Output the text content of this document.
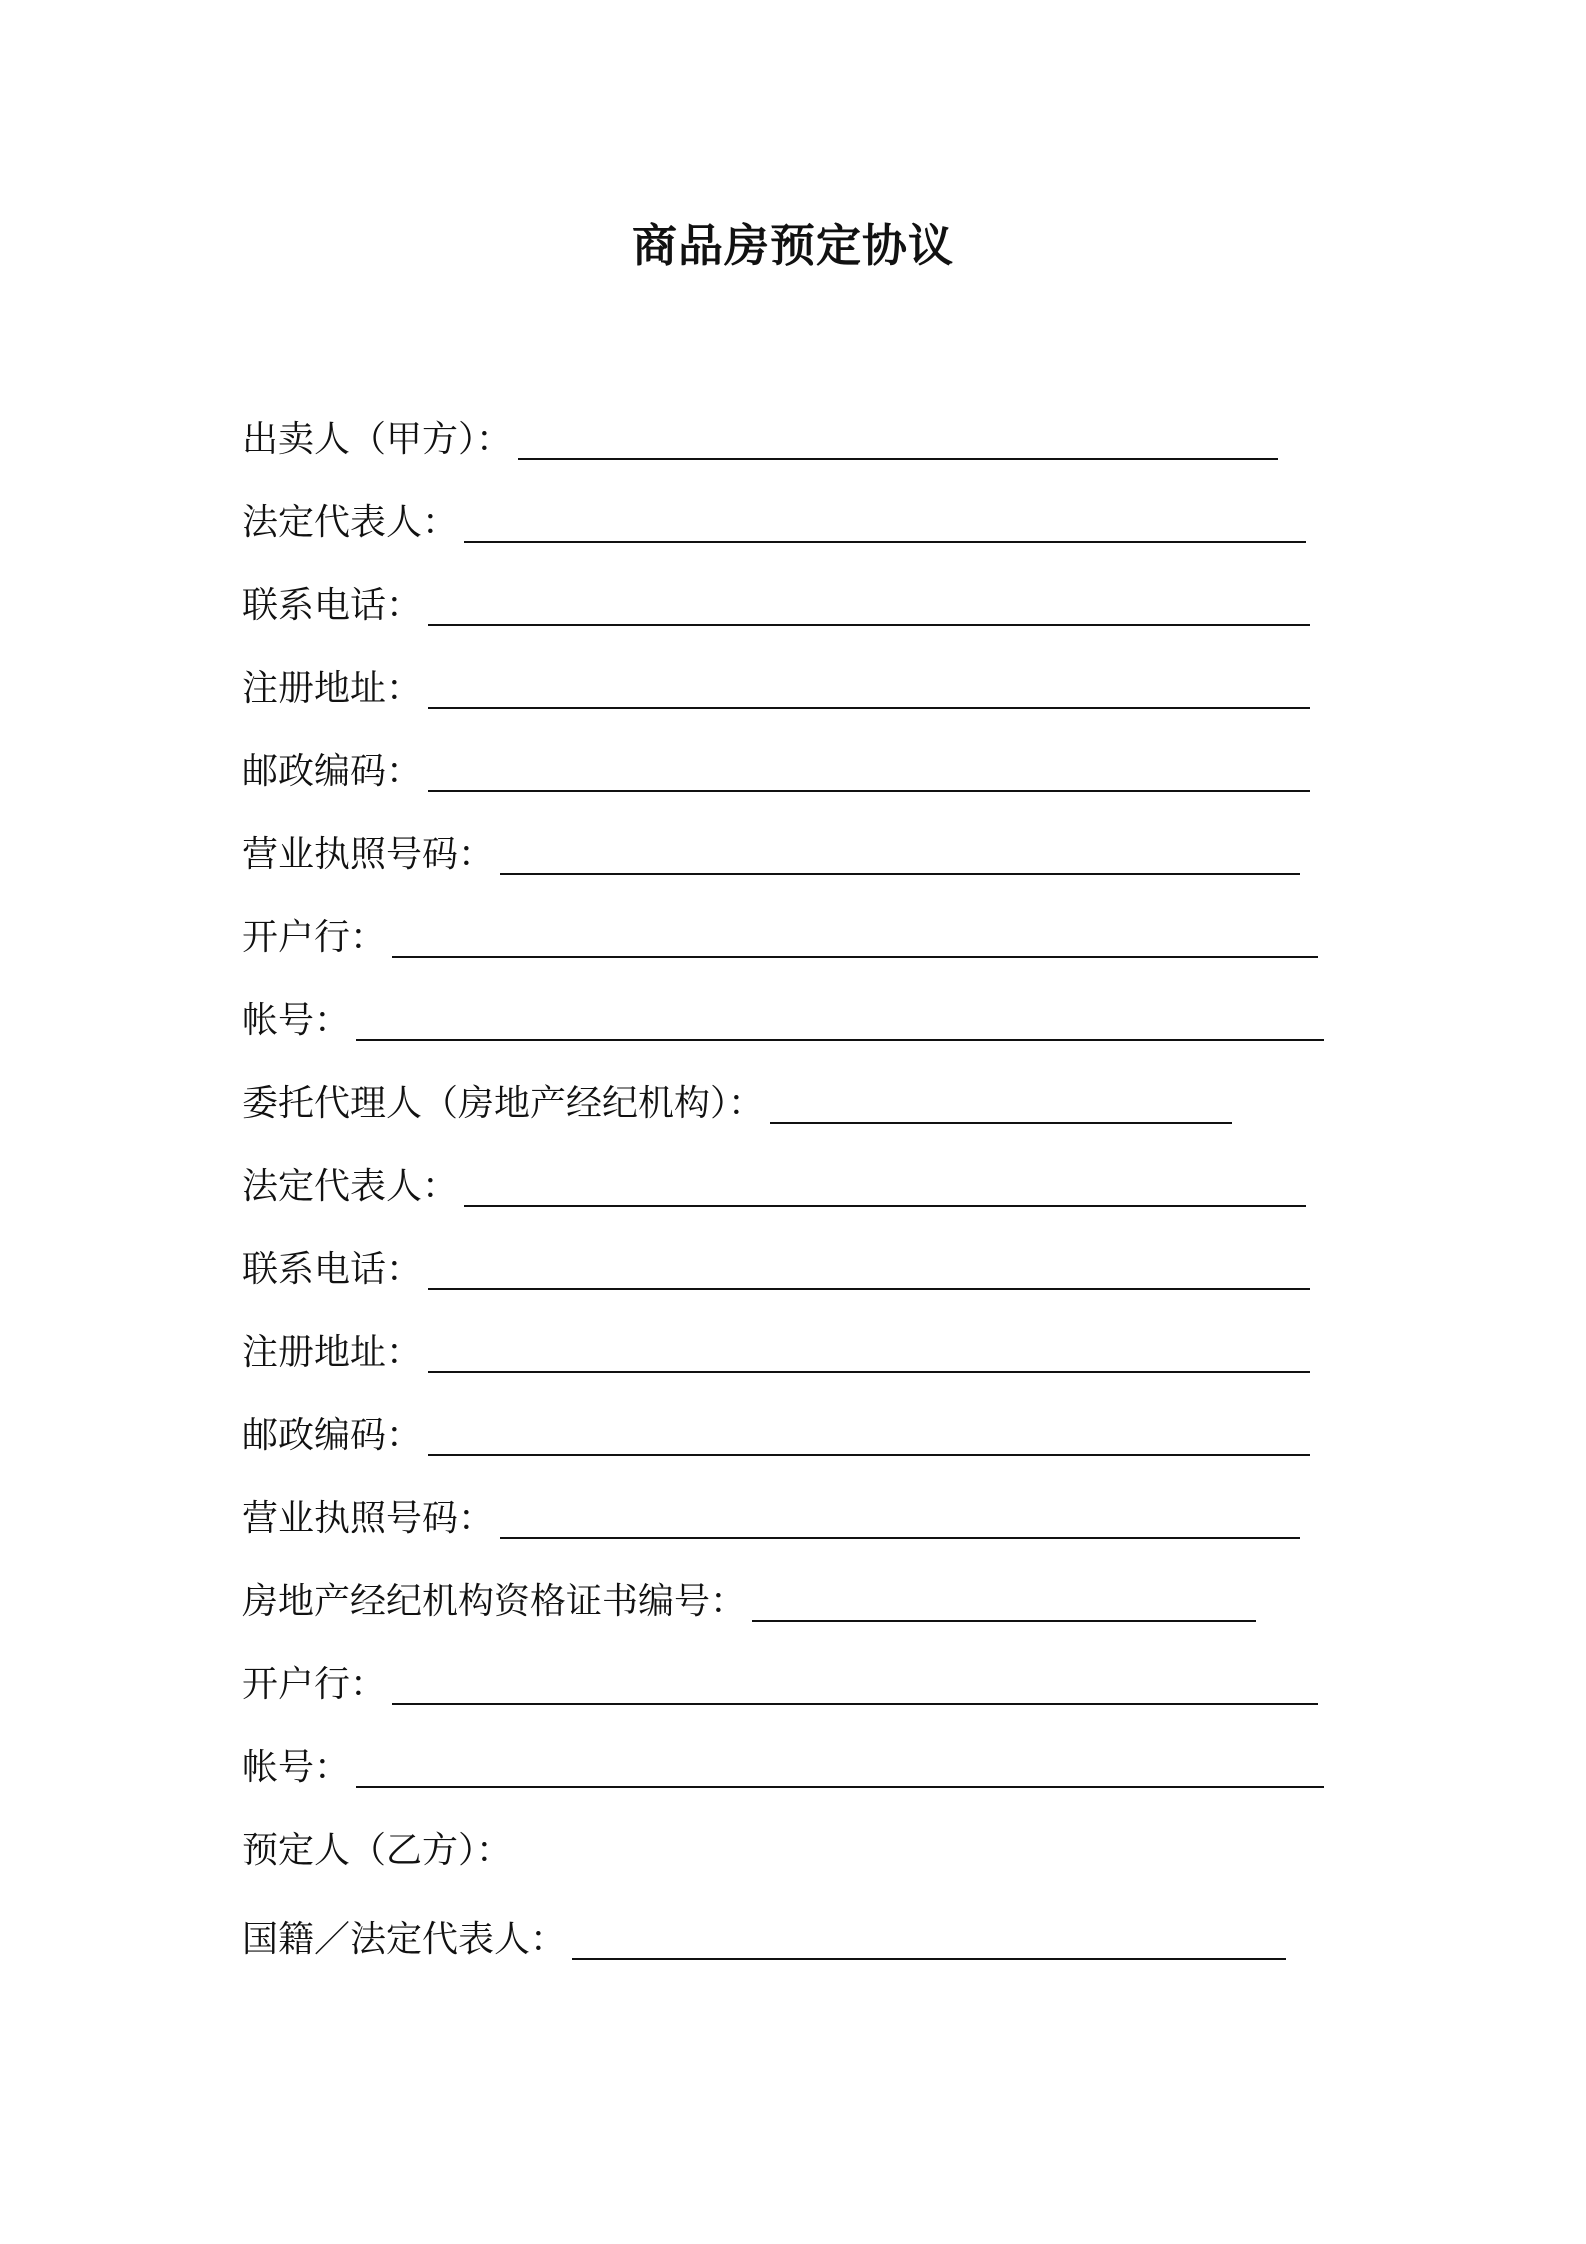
商品房预定协议
出卖人（甲方）：
法定代表人：
联系电话：
注册地址：
邮政编码：
营业执照号码：
开户行：
帐号：
委托代理人（房地产经纪机构）：
法定代表人：
联系电话：
注册地址：
邮政编码：
营业执照号码：
房地产经纪机构资格证书编号：
开户行：
帐号：
预定人（乙方）：
国籍／法定代表人：
